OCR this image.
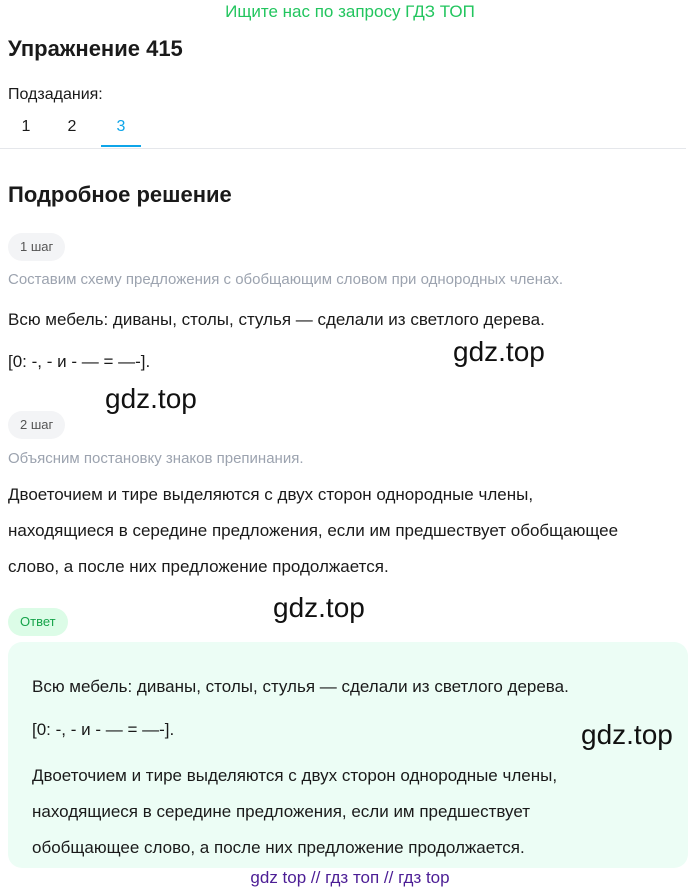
Ищите нас по запросу ГДЗ ТОП
Упражнение 415
Подзадания:
1	2	3
Подробное решение
1 шаг
Составим схему предложения с обобщающим словом при однородных членах.
Всю мебель: диваны, столы, стулья — сделали из светлого дерева.
[0: -, - и - — = —-].	gdz.top
gdz.top
2 шаг
Объясним постановку знаков препинания.
Двоеточием и тире выделяются с двух сторон однородные члены,
находящиеся в середине предложения, если им предшествует обобщающее
слово, а после них предложение продолжается.
gdz.top
Ответ
Всю мебель: диваны, столы, стулья — сделали из светлого дерева.
[0: -, - и - — = —-].
Двоеточием и тире выделяются с двух сторон однородные члены,
находящиеся в середине предложения, если им предшествует
обобщающее слово, а после них предложение продолжается.
gdz.top
gdz top // гдз топ // гдз top
